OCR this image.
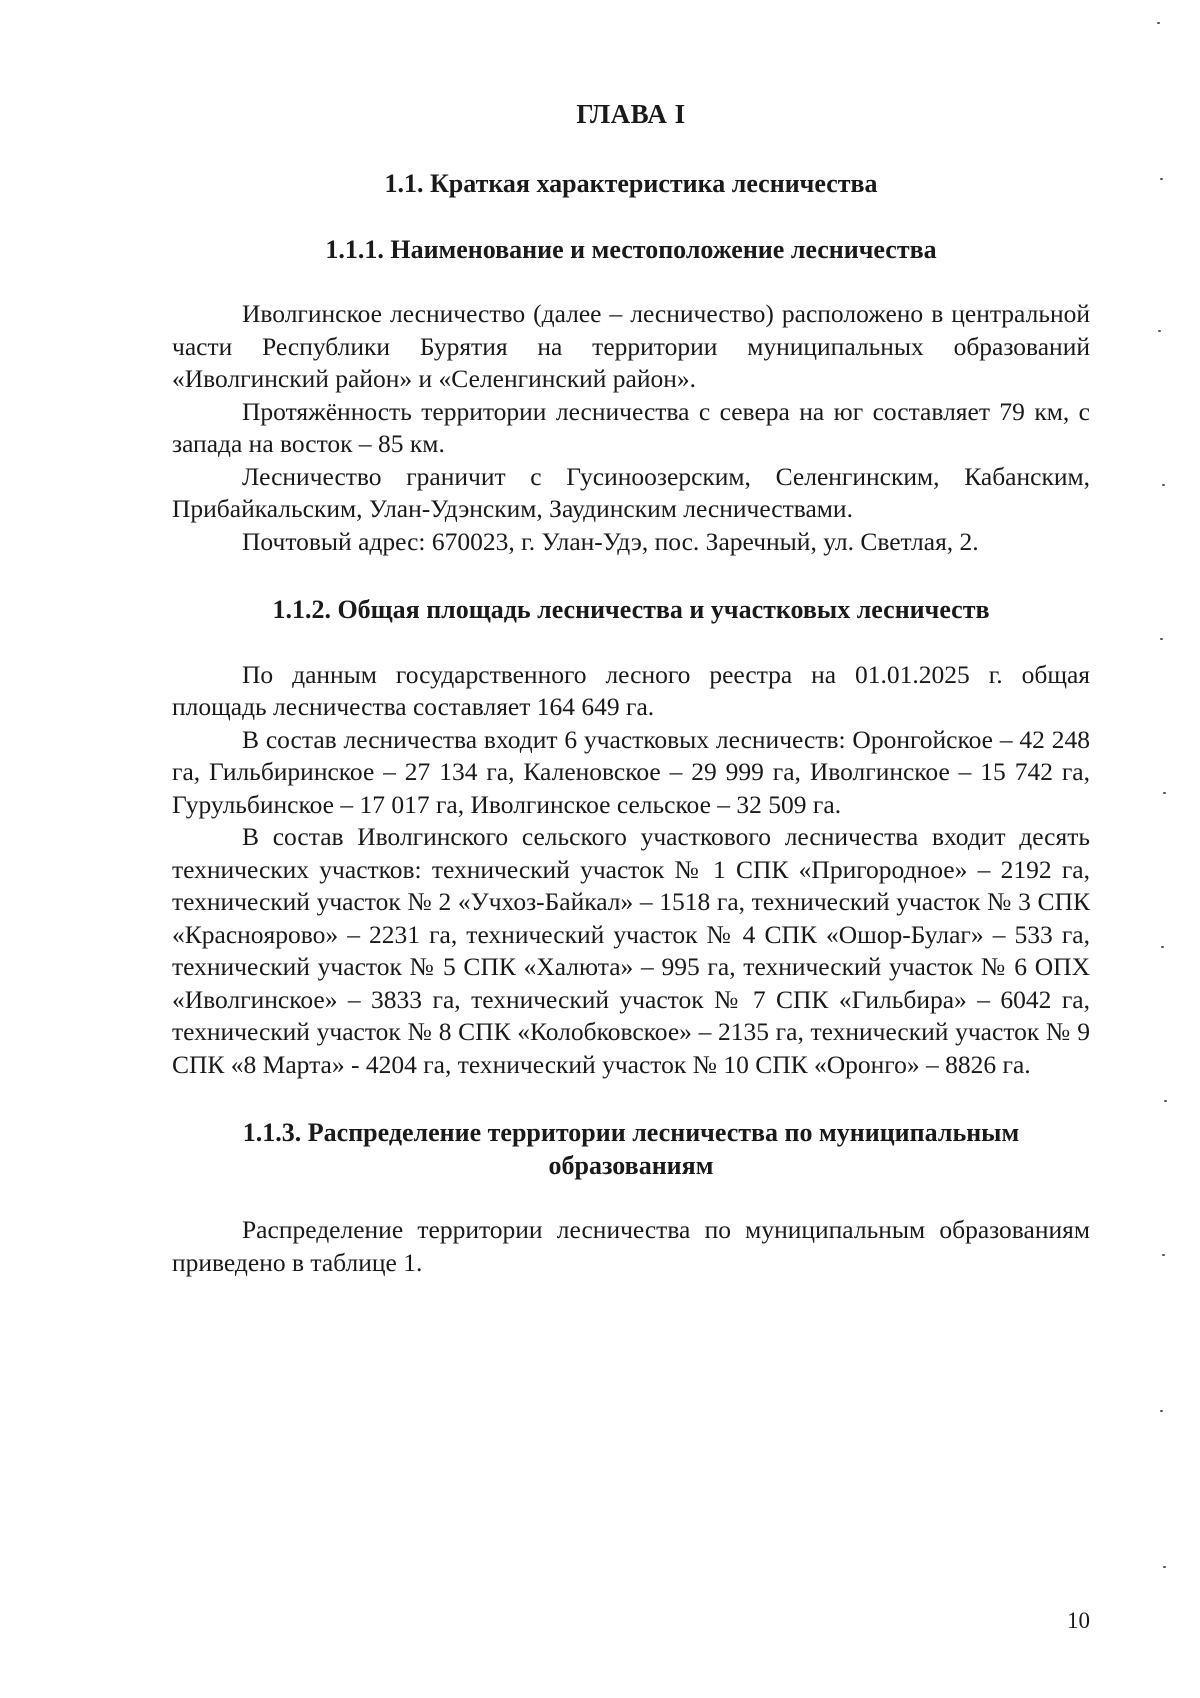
ГЛАВА I
1.1. Краткая характеристика лесничества
1.1.1. Наименование и местоположение лесничества

Иволгинское лесничество (далее – лесничество) расположено в центральной части Республики Бурятия на территории муниципальных образований «Иволгинский район» и «Селенгинский район».

Протяжённость территории лесничества с севера на юг составляет 79 км, с запада на восток – 85 км.

Лесничество граничит с Гусиноозерским, Селенгинским, Кабанским, Прибайкальским, Улан-Удэнским, Заудинским лесничествами.

Почтовый адрес: 670023, г. Улан-Удэ, пос. Заречный, ул. Светлая, 2.

1.1.2. Общая площадь лесничества и участковых лесничеств

По данным государственного лесного реестра на 01.01.2025 г. общая площадь лесничества составляет 164 649 га.

В состав лесничества входит 6 участковых лесничеств: Оронгойское – 42 248 га, Гильбиринское – 27 134 га, Каленовское – 29 999 га, Иволгинское – 15 742 га, Гурульбинское – 17 017 га, Иволгинское сельское – 32 509 га.

В состав Иволгинского сельского участкового лесничества входит десять технических участков: технический участок № 1 СПК «Пригородное» – 2192 га, технический участок № 2 «Учхоз-Байкал» – 1518 га, технический участок № 3 СПК «Краснoярово» – 2231 га, технический участок № 4 СПК «Ошор-Булаг» – 533 га, технический участок № 5 СПК «Халюта» – 995 га, технический участок № 6 ОПХ «Иволгинское» – 3833 га, технический участок № 7 СПК «Гильбира» – 6042 га, технический участок № 8 СПК «Колобковское» – 2135 га, технический участок № 9 СПК «8 Марта» - 4204 га, технический участок № 10 СПК «Оронго» – 8826 га.

1.1.3. Распределение территории лесничества по муниципальным образованиям

Распределение территории лесничества по муниципальным образованиям приведено в таблице 1.

10
